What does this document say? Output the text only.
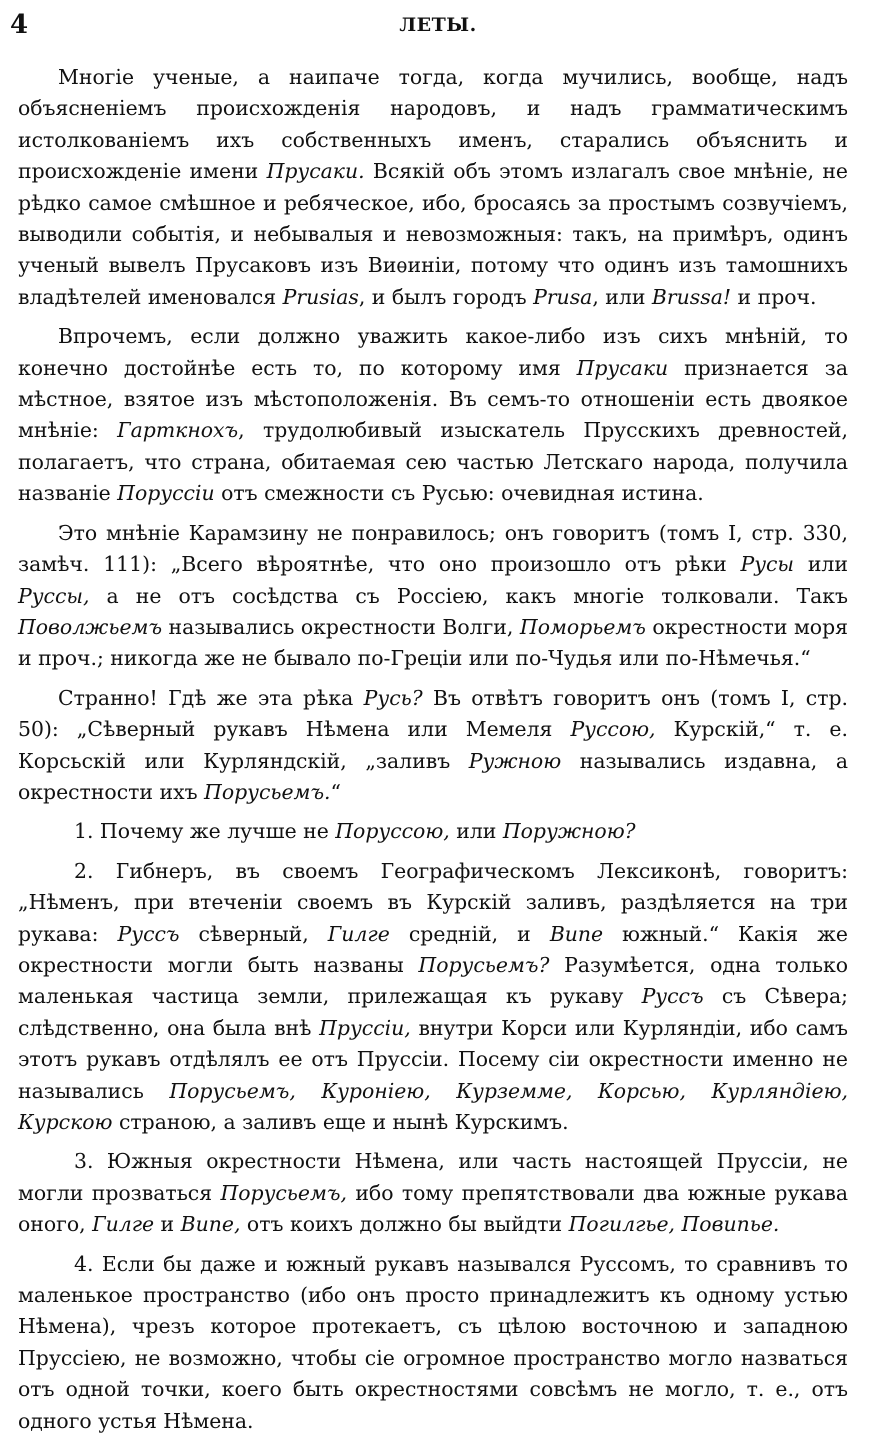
4	ЛЕТЫ.

Многіе ученые, а наипаче тогда, когда мучились, вообще, надъ объясненіемъ происхожденія народовъ, и надъ грамматическимъ истолкованіемъ ихъ собственныхъ именъ, старались объяснить и происхожденіе имени Прусаки. Всякій объ этомъ излагалъ свое мнѣніе, не рѣдко самое смѣшное и ребяческое, ибо, бросаясь за простымъ созвучіемъ, выводили событія, и небывалыя и невозможныя: такъ, на примѣръ, одинъ ученый вывелъ Прусаковъ изъ Виѳиніи, потому что одинъ изъ тамошнихъ владѣтелей именовался Prusias, и былъ городъ Prusa, или Brussa! и проч.

Впрочемъ, если должно уважить какое-либо изъ сихъ мнѣній, то конечно достойнѣе есть то, по которому имя Прусаки признается за мѣстное, взятое изъ мѣстоположенія. Въ семъ-то отношеніи есть двоякое мнѣніе: Гарткнохъ, трудолюбивый изыскатель Прусскихъ древностей, полагаетъ, что страна, обитаемая сею частью Летскаго народа, получила названіе Поруссіи отъ смежности съ Русью: очевидная истина.

Это мнѣніе Карамзину не понравилось; онъ говоритъ (томъ I, стр. 330, замѣч. 111): „Всего вѣроятнѣе, что оно произошло отъ рѣки Русы или Руссы, а не отъ сосѣдства съ Россіею, какъ многіе толковали. Такъ Поволжьемъ назывались окрестности Волги, Поморьемъ окрестности моря и проч.; никогда же не бывало по-Греціи или по-Чудья или по-Нѣмечья.“

Странно! Гдѣ же эта рѣка Русь? Въ отвѣтъ говоритъ онъ (томъ I, стр. 50): „Сѣверный рукавъ Нѣмена или Мемеля Руссою, Курскій,“ т. е. Корсьскій или Курляндскій, „заливъ Ружною назывались издавна, а окрестности ихъ Порусьемъ.“

1. Почему же лучше не Поруссою, или Поружною?

2. Гибнеръ, въ своемъ Географическомъ Лексиконѣ, говоритъ: „Нѣменъ, при втеченіи своемъ въ Курскій заливъ, раздѣляется на три рукава: Руссъ сѣверный, Гилге средній, и Випе южный.“ Какія же окрестности могли быть названы Порусьемъ? Разумѣется, одна только маленькая частица земли, прилежащая къ рукаву Руссъ съ Сѣвера; слѣдственно, она была внѣ Пруссіи, внутри Корси или Курляндіи, ибо самъ этотъ рукавъ отдѣлялъ ее отъ Пруссіи. Посему сіи окрестности именно не назывались Порусьемъ, Куроніею, Курземме, Корсью, Курляндіею, Курскою страною, а заливъ еще и нынѣ Курскимъ.

3. Южныя окрестности Нѣмена, или часть настоящей Пруссіи, не могли прозваться Порусьемъ, ибо тому препятствовали два южные рукава оного, Гилге и Випе, отъ коихъ должно бы выйдти Погилгье, Повипье.

4. Если бы даже и южный рукавъ назывался Руссомъ, то сравнивъ то маленькое пространство (ибо онъ просто принадлежитъ къ одному устью Нѣмена), чрезъ которое протекаетъ, съ цѣлою восточною и западною Пруссіею, не возможно, чтобы сіе огромное пространство могло назваться отъ одной точки, коего быть окрестностями совсѣмъ не могло, т. е., отъ одного устья Нѣмена.
